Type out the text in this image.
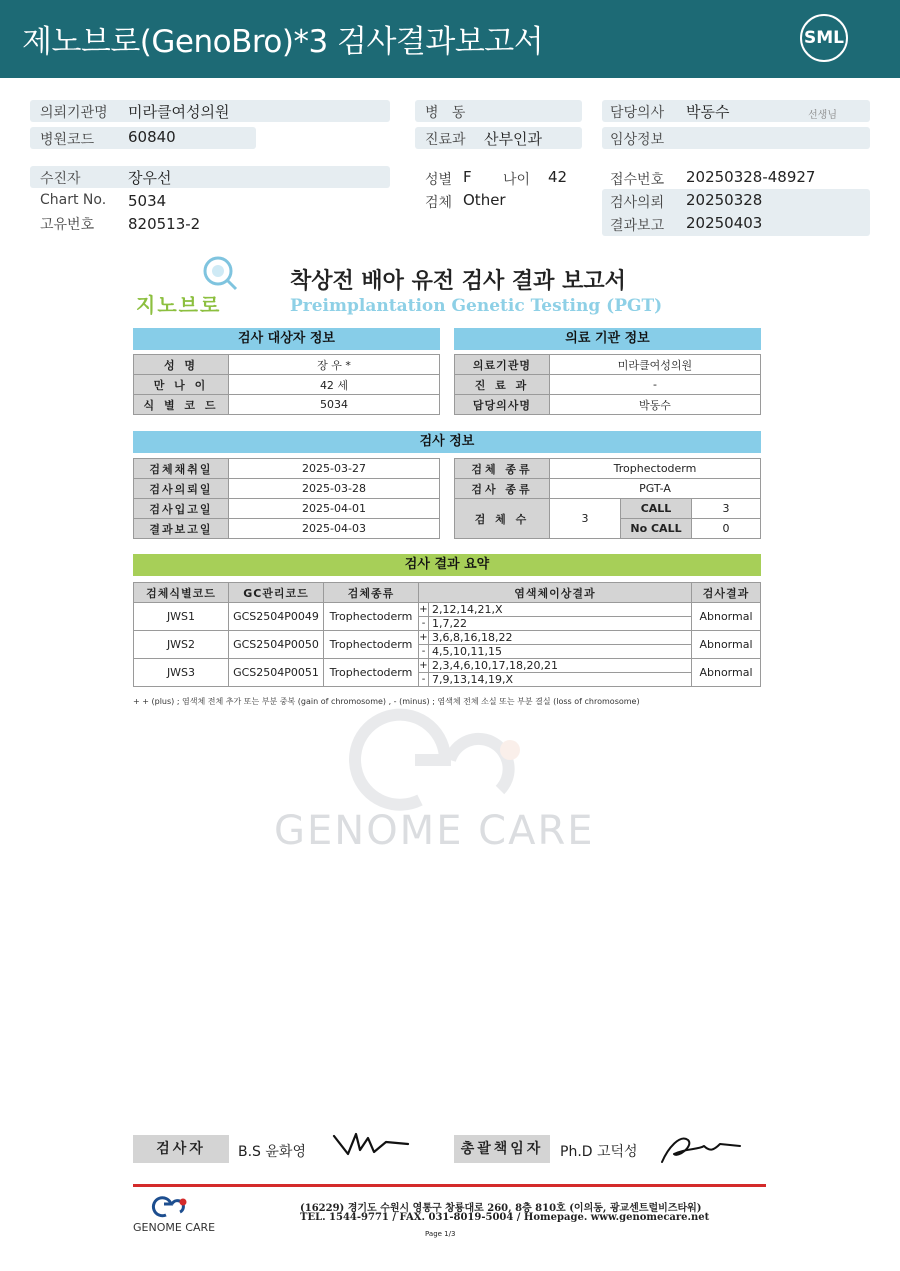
제노브로(GenoBro)*3 검사결과보고서	SML
의뢰기관명 미라클여성의원
병원코드 60840
병   동
진료과 산부인과
담당의사 박동수	선생님
임상정보
수진자	장우선
Chart No. 5034
고유번호 820513-2
성별 F 나이 42
검체 Other
접수번호 20250328-48927
검사의뢰 20250328
결과보고 20250403
지노브로
착상전 배아 유전 검사 결과 보고서
Preimplantation Genetic Testing (PGT)
검사 대상자 정보
성 명	장 우 *
만 나 이	42 세
식 별 코 드	5034
의료 기관 정보
의료기관명	미라클여성의원
진 료 과	-
담당의사명	박동수
검사 정보
검체채취일	2025-03-27
검사의뢰일	2025-03-28
검사입고일	2025-04-01
결과보고일	2025-04-03
검체 종류	Trophectoderm		
검사 종류	PGT-A		
검 체 수	3	CALL	3
		No CALL	0
검사 결과 요약
검체식별코드	GC관리코드	검체종류	염색체이상결과		검사결과
JWS1	GCS2504P0049	Trophectoderm	+	2,12,14,21,X	Abnormal
			-	1,7,22	
JWS2	GCS2504P0050	Trophectoderm	+	3,6,8,16,18,22	Abnormal
			-	4,5,10,11,15	
JWS3	GCS2504P0051	Trophectoderm	+	2,3,4,6,10,17,18,20,21	Abnormal
			-	7,9,13,14,19,X	
+ + (plus) ; 염색체 전체 추가 또는 부분 중복 (gain of chromosome) , - (minus) ; 염색체 전체 소실 또는 부분 결실 (loss of chromosome)
GENOME CARE
검사자	B.S 윤화영	총괄책임자	Ph.D 고덕성
GENOME CARE
(16229) 경기도 수원시 영통구 창룡대로 260, 8층 810호 (이의동, 광교센트럴비즈타워)
TEL. 1544-9771 / FAX. 031-8019-5004 / Homepage. www.genomecare.net
Page 1/3
